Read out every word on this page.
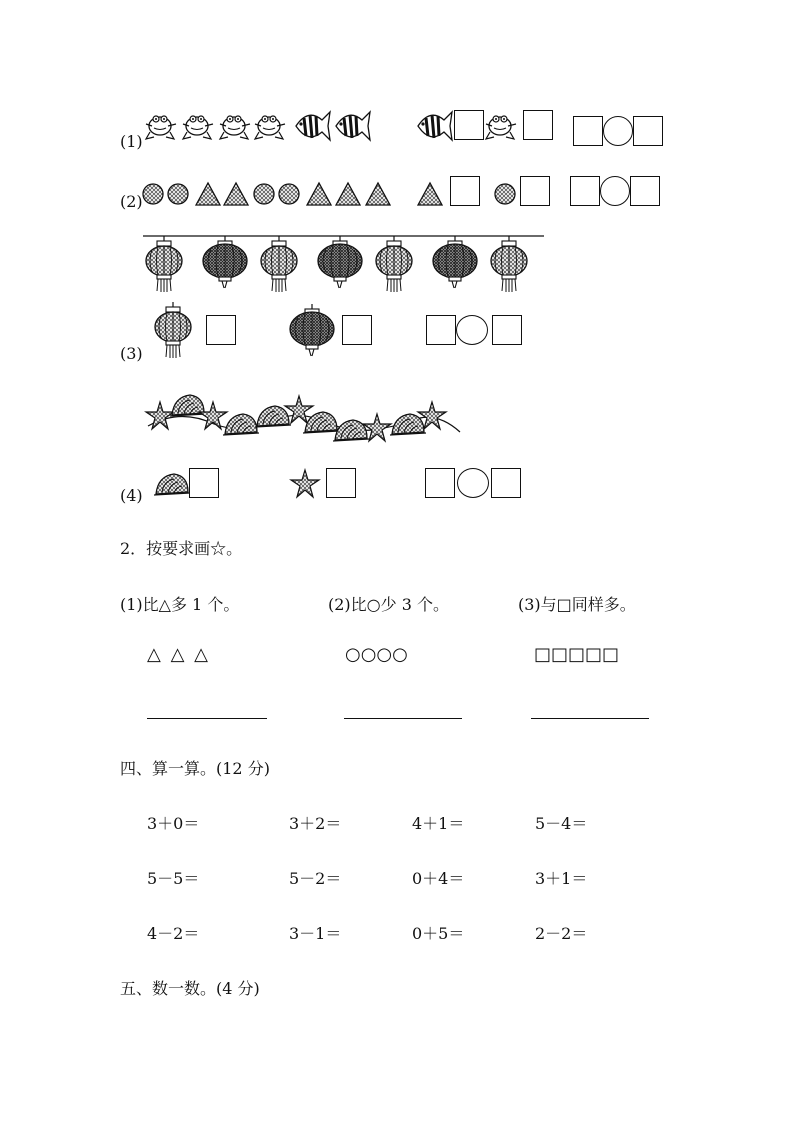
(1)
(2)
(3)
(4)
2．按要求画☆。
(1)比△多 1 个。	(2)比○少 3 个。	(3)与□同样多。
△ △ △	○○○○	□□□□□
四、算一算。(12 分)
3＋0＝	3＋2＝	4＋1＝	5－4＝
5－5＝	5－2＝	0＋4＝	3＋1＝
4－2＝	3－1＝	0＋5＝	2－2＝
五、数一数。(4 分)
